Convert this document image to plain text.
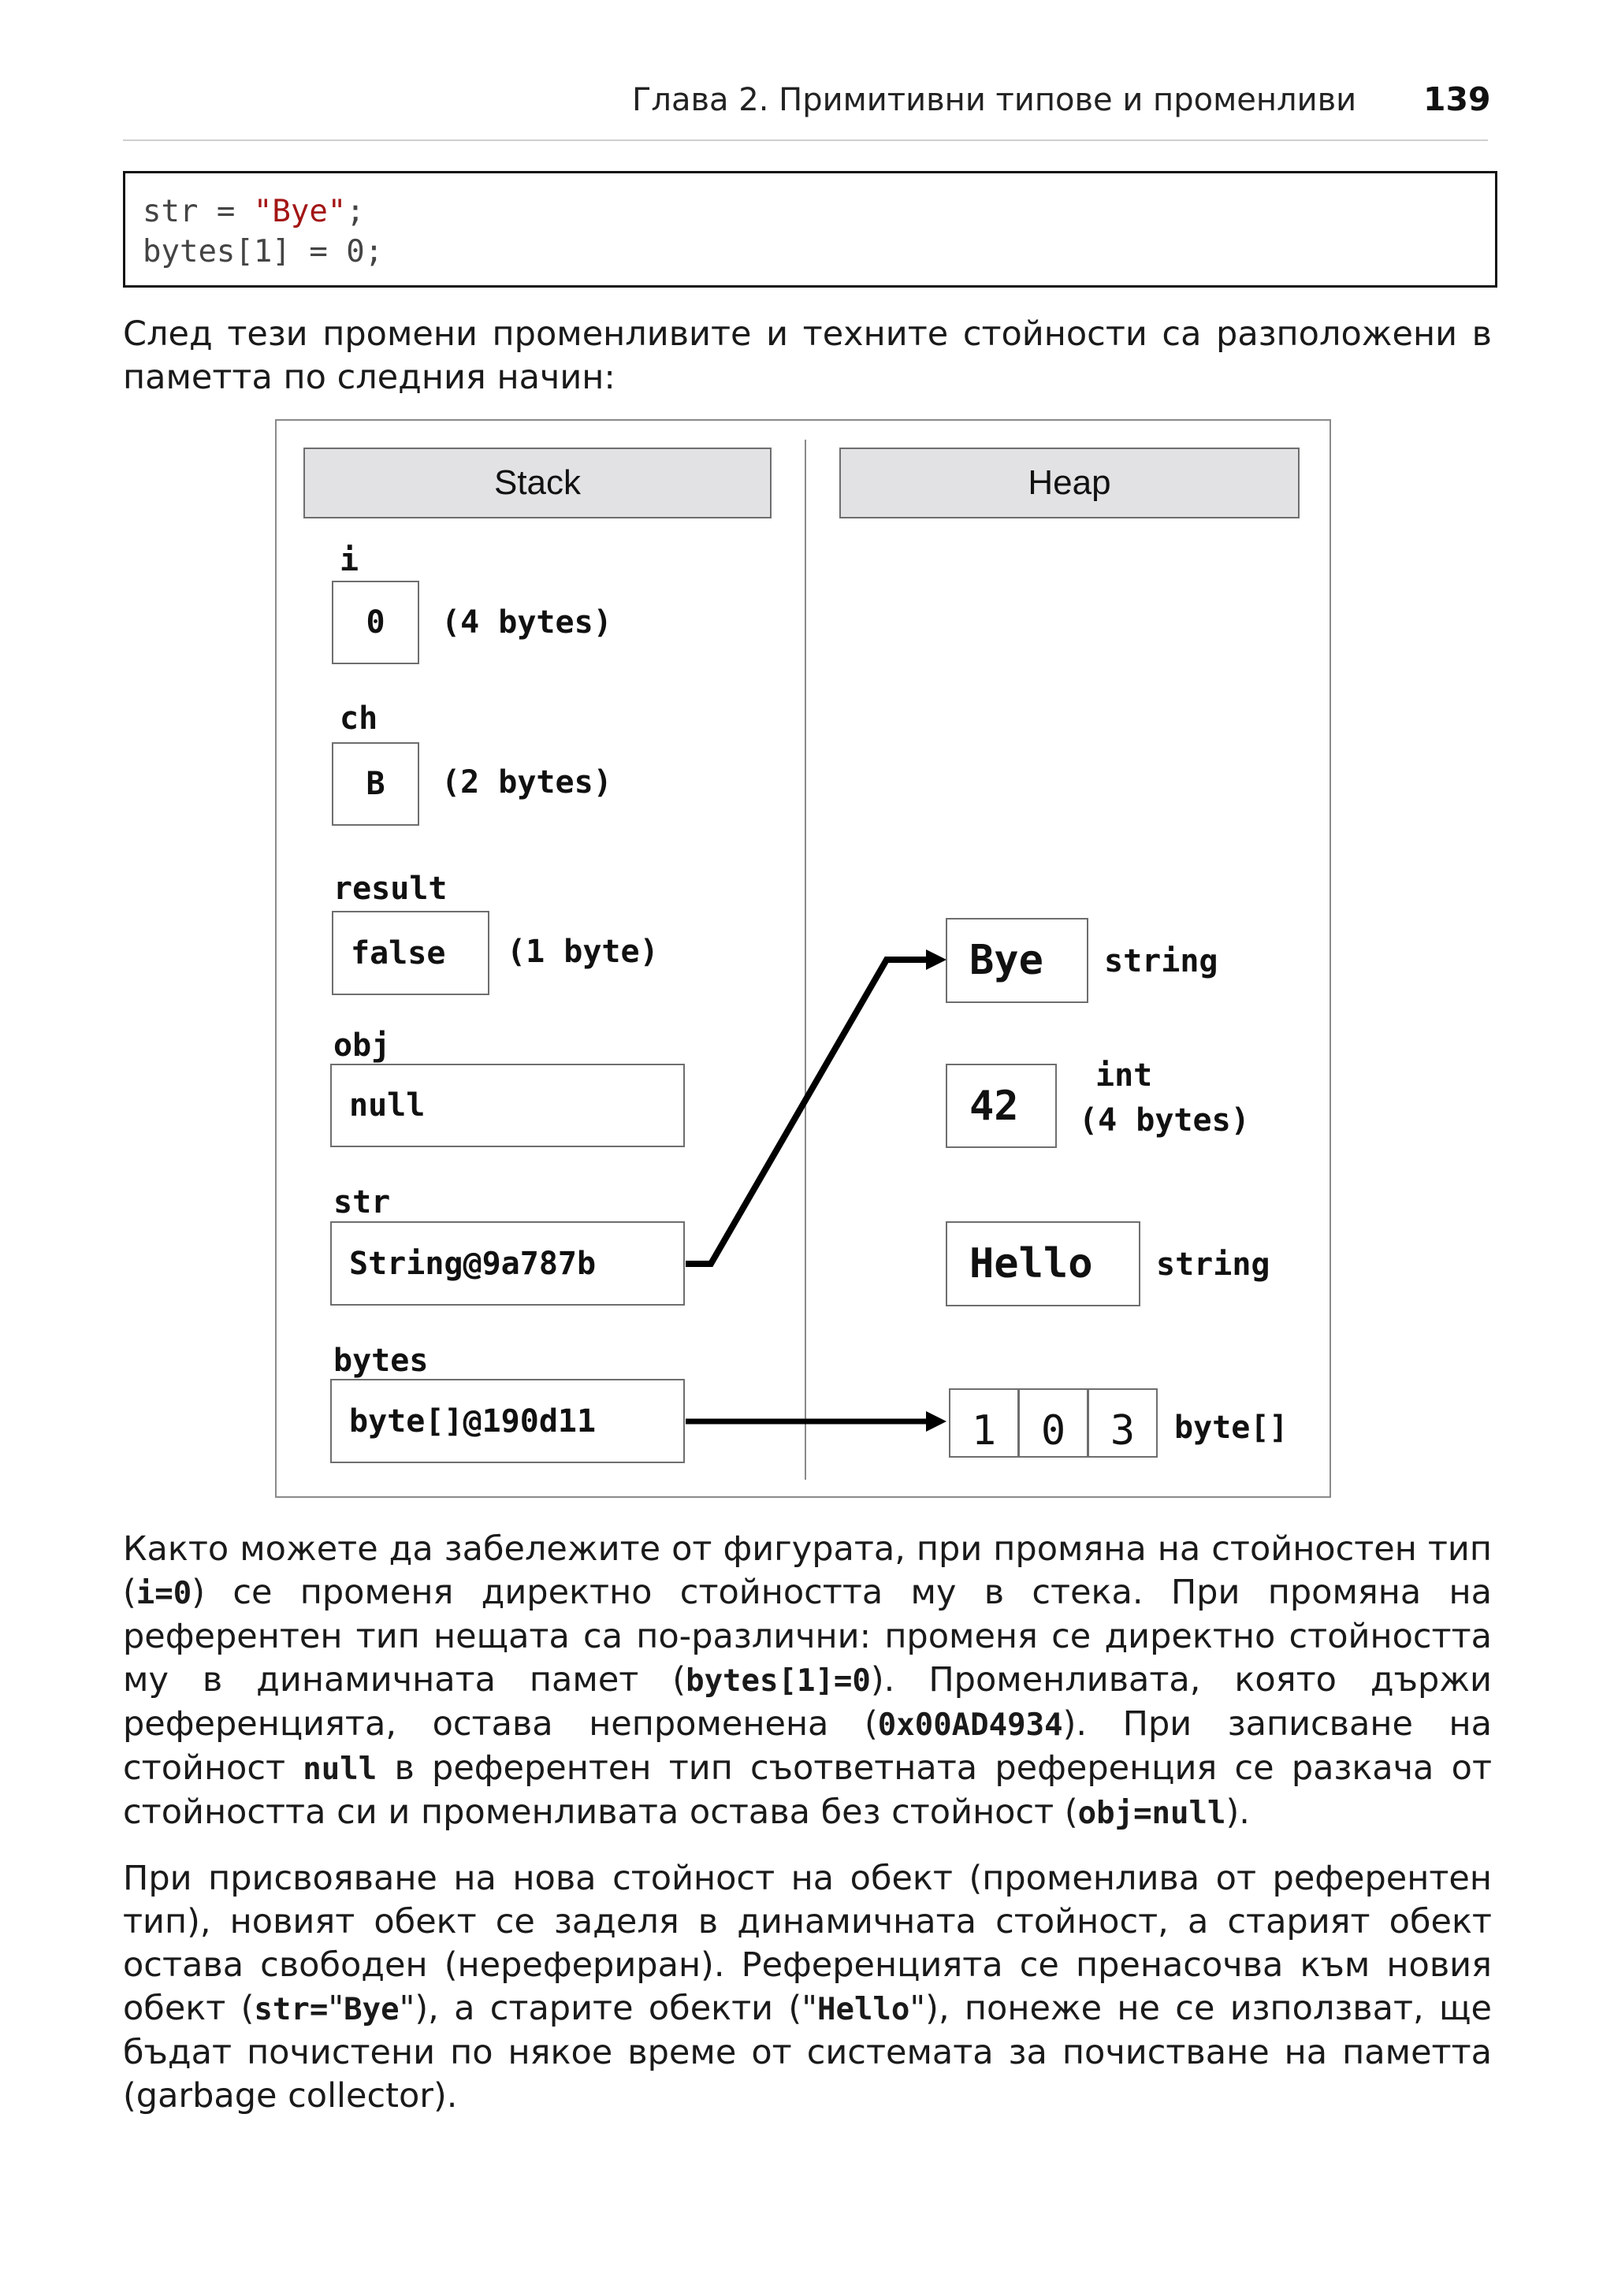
Глава 2. Примитивни типове и променливи 139
str = "Bye";
bytes[1] = 0;

След тези промени променливите и техните стойности са разположени в паметта по следния начин:

Stack	Heap
i
0	(4 bytes)
ch
B	(2 bytes)
result
false	(1 byte)
obj
null
str
String@9a787b
bytes
byte[]@190d11
Bye	string
42
int
(4 bytes)
Hello	string
1	0	3	byte[]

Както можете да забележите от фигурата, при промяна на стойностен тип (i=0) се променя директно стойността му в стека. При промяна на референтен тип нещата са по-различни: променя се директно стойността му в динамичната памет (bytes[1]=0). Променливата, която държи референцията, остава непроменена (0x00AD4934). При записване на стойност null в референтен тип съответната референция се разкача от стойността си и променливата остава без стойност (obj=null).

При присвояване на нова стойност на обект (променлива от референтен тип), новият обект се заделя в динамичната стойност, а старият обект остава свободен (нерефериран). Референцията се пренасочва към новия обект (str="Bye"), а старите обекти ("Hello"), понеже не се използват, ще бъдат почистени по някое време от системата за почистване на паметта (garbage collector).
